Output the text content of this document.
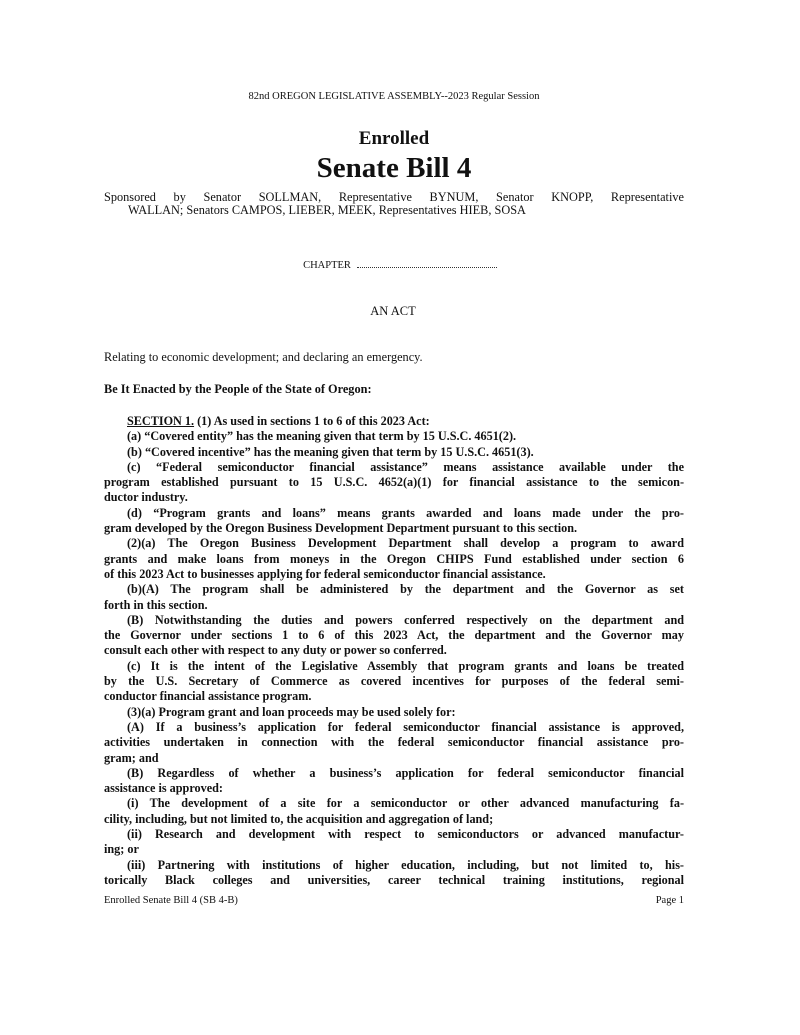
82nd OREGON LEGISLATIVE ASSEMBLY--2023 Regular Session
Enrolled
Senate Bill 4
Sponsored by Senator SOLLMAN, Representative BYNUM, Senator KNOPP, Representative
WALLAN; Senators CAMPOS, LIEBER, MEEK, Representatives HIEB, SOSA
CHAPTER
AN ACT
Relating to economic development; and declaring an emergency.
Be It Enacted by the People of the State of Oregon:
SECTION 1. (1) As used in sections 1 to 6 of this 2023 Act:
(a) “Covered entity” has the meaning given that term by 15 U.S.C. 4651(2).
(b) “Covered incentive” has the meaning given that term by 15 U.S.C. 4651(3).
(c) “Federal semiconductor financial assistance” means assistance available under the
program established pursuant to 15 U.S.C. 4652(a)(1) for financial assistance to the semicon-
ductor industry.
(d) “Program grants and loans” means grants awarded and loans made under the pro-
gram developed by the Oregon Business Development Department pursuant to this section.
(2)(a) The Oregon Business Development Department shall develop a program to award
grants and make loans from moneys in the Oregon CHIPS Fund established under section 6
of this 2023 Act to businesses applying for federal semiconductor financial assistance.
(b)(A) The program shall be administered by the department and the Governor as set
forth in this section.
(B) Notwithstanding the duties and powers conferred respectively on the department and
the Governor under sections 1 to 6 of this 2023 Act, the department and the Governor may
consult each other with respect to any duty or power so conferred.
(c) It is the intent of the Legislative Assembly that program grants and loans be treated
by the U.S. Secretary of Commerce as covered incentives for purposes of the federal semi-
conductor financial assistance program.
(3)(a) Program grant and loan proceeds may be used solely for:
(A) If a business’s application for federal semiconductor financial assistance is approved,
activities undertaken in connection with the federal semiconductor financial assistance pro-
gram; and
(B) Regardless of whether a business’s application for federal semiconductor financial
assistance is approved:
(i) The development of a site for a semiconductor or other advanced manufacturing fa-
cility, including, but not limited to, the acquisition and aggregation of land;
(ii) Research and development with respect to semiconductors or advanced manufactur-
ing; or
(iii) Partnering with institutions of higher education, including, but not limited to, his-
torically Black colleges and universities, career technical training institutions, regional
Enrolled Senate Bill 4 (SB 4-B)	Page 1
